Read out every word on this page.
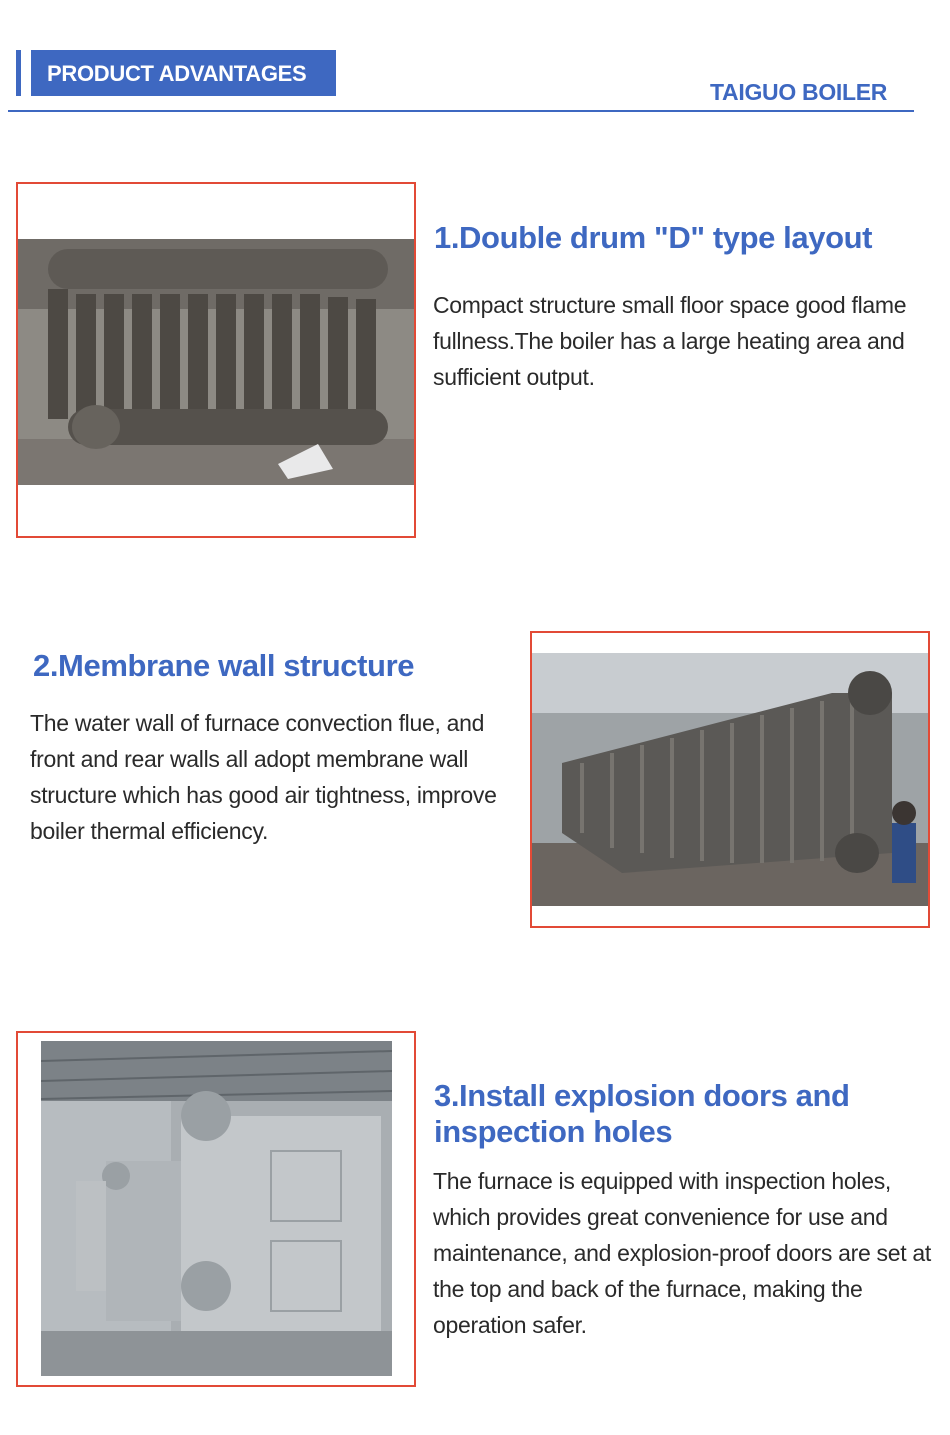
PRODUCT ADVANTAGES
TAIGUO BOILER
1.Double drum "D" type layout
Compact structure small floor space good flame fullness.The boiler has a large heating area and sufficient output.
2.Membrane wall structure
The water wall of furnace convection flue, and front and rear walls all adopt membrane wall structure which has good air tightness, improve boiler thermal efficiency.
3.Install explosion doors and
inspection holes
The furnace is equipped with inspection holes, which provides great convenience for use and maintenance, and explosion-proof doors are set at the top and back of the furnace, making the operation safer.
